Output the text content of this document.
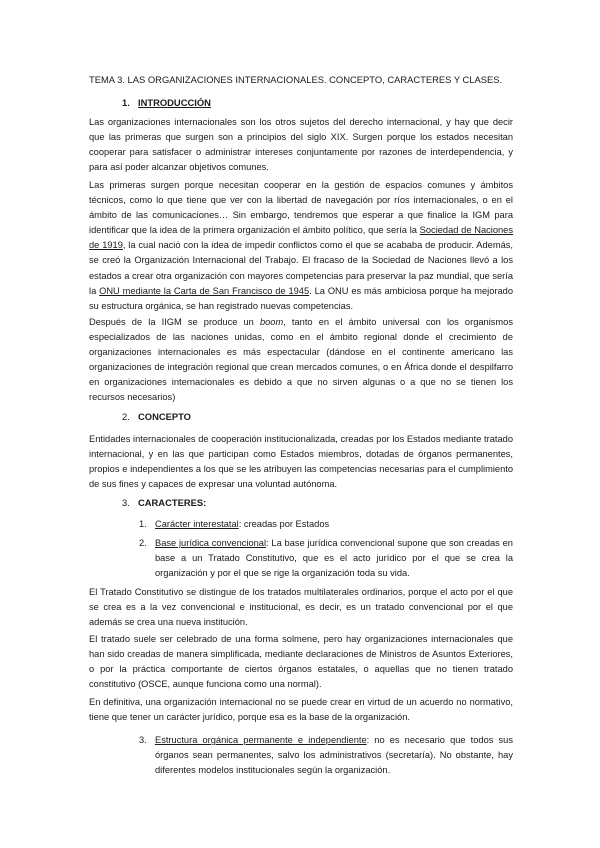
TEMA 3. LAS ORGANIZACIONES INTERNACIONALES. CONCEPTO, CARACTERES Y CLASES.
1. INTRODUCCIÓN

Las organizaciones internacionales son los otros sujetos del derecho internacional, y hay que decir que las primeras que surgen son a principios del siglo XIX. Surgen porque los estados necesitan cooperar para satisfacer o administrar intereses conjuntamente por razones de interdependencia, y para así poder alcanzar objetivos comunes.

Las primeras surgen porque necesitan cooperar en la gestión de espacios comunes y ámbitos técnicos, como lo que tiene que ver con la libertad de navegación por ríos internacionales, o en el ámbito de las comunicaciones… Sin embargo, tendremos que esperar a que finalice la IGM para identificar que la idea de la primera organización el ámbito político, que sería la Sociedad de Naciones de 1919, la cual nació con la idea de impedir conflictos como el que se acababa de producir. Además, se creó la Organización Internacional del Trabajo. El fracaso de la Sociedad de Naciones llevó a los estados a crear otra organización con mayores competencias para preservar la paz mundial, que sería la ONU mediante la Carta de San Francisco de 1945. La ONU es más ambiciosa porque ha mejorado su estructura orgánica, se han registrado nuevas competencias.

Después de la IIGM se produce un boom, tanto en el ámbito universal con los organismos especializados de las naciones unidas, como en el ámbito regional donde el crecimiento de organizaciones internacionales es más espectacular (dándose en el continente americano las organizaciones de integración regional que crean mercados comunes, o en África donde el despilfarro en organizaciones internacionales es debido a que no sirven algunas o a que no se tienen los recursos necesarios)

2. CONCEPTO

Entidades internacionales de cooperación institucionalizada, creadas por los Estados mediante tratado internacional, y en las que participan como Estados miembros, dotadas de órganos permanentes, propios e independientes a los que se les atribuyen las competencias necesarias para el cumplimiento de sus fines y capaces de expresar una voluntad autónoma.

3. CARACTERES:
1. Carácter interestatal: creadas por Estados
2. Base jurídica convencional: La base jurídica convencional supone que son creadas en base a un Tratado Constitutivo, que es el acto jurídico por el que se crea la organización y por el que se rige la organización toda su vida.

El Tratado Constitutivo se distingue de los tratados multilaterales ordinarios, porque el acto por el que se crea es a la vez convencional e institucional, es decir, es un tratado convencional por el que además se crea una nueva institución.

El tratado suele ser celebrado de una forma solmene, pero hay organizaciones internacionales que han sido creadas de manera simplificada, mediante declaraciones de Ministros de Asuntos Exteriores, o por la práctica comportante de ciertos órganos estatales, o aquellas que no tienen tratado constitutivo (OSCE, aunque funciona como una normal).

En definitiva, una organización internacional no se puede crear en virtud de un acuerdo no normativo, tiene que tener un carácter jurídico, porque esa es la base de la organización.

3. Estructura orgánica permanente e independiente: no es necesario que todos sus órganos sean permanentes, salvo los administrativos (secretaría). No obstante, hay diferentes modelos institucionales según la organización.
